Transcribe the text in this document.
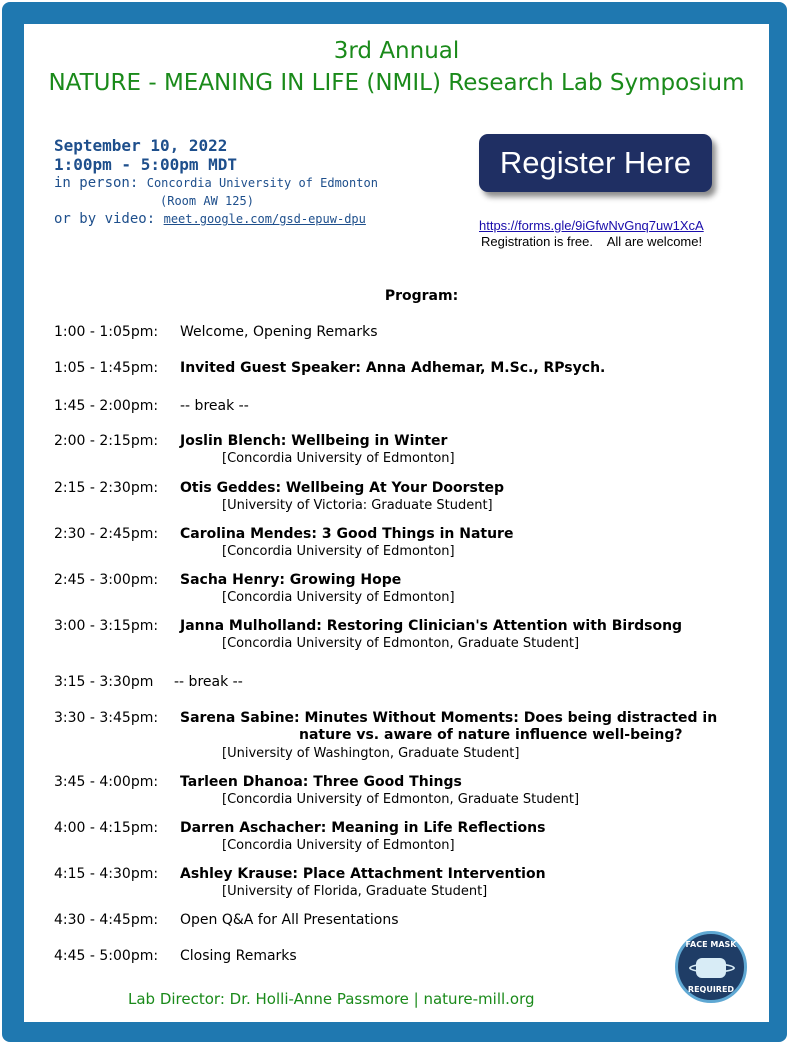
3rd Annual
NATURE - MEANING IN LIFE (NMIL) Research Lab Symposium
September 10, 2022
1:00pm - 5:00pm MDT
in person: Concordia University of Edmonton
(Room AW 125)
or by video: meet.google.com/gsd-epuw-dpu
Register Here
https://forms.gle/9iGfwNvGnq7uw1XcA
Registration is free.    All are welcome!
Program:
1:00 - 1:05pm: Welcome, Opening Remarks
1:05 - 1:45pm: Invited Guest Speaker: Anna Adhemar, M.Sc., RPsych.
1:45 - 2:00pm: -- break --
2:00 - 2:15pm: Joslin Blench: Wellbeing in Winter
[Concordia University of Edmonton]
2:15 - 2:30pm: Otis Geddes: Wellbeing At Your Doorstep
[University of Victoria: Graduate Student]
2:30 - 2:45pm: Carolina Mendes: 3 Good Things in Nature
[Concordia University of Edmonton]
2:45 - 3:00pm: Sacha Henry: Growing Hope
[Concordia University of Edmonton]
3:00 - 3:15pm: Janna Mulholland: Restoring Clinician's Attention with Birdsong
[Concordia University of Edmonton, Graduate Student]
3:15 - 3:30pm -- break --
3:30 - 3:45pm: Sarena Sabine: Minutes Without Moments: Does being distracted in
nature vs. aware of nature influence well-being?
[University of Washington, Graduate Student]
3:45 - 4:00pm: Tarleen Dhanoa: Three Good Things
[Concordia University of Edmonton, Graduate Student]
4:00 - 4:15pm: Darren Aschacher: Meaning in Life Reflections
[Concordia University of Edmonton]
4:15 - 4:30pm: Ashley Krause: Place Attachment Intervention
[University of Florida, Graduate Student]
4:30 - 4:45pm: Open Q&A for All Presentations
4:45 - 5:00pm: Closing Remarks
Lab Director: Dr. Holli-Anne Passmore | nature-mill.org
FACE MASK
REQUIRED
